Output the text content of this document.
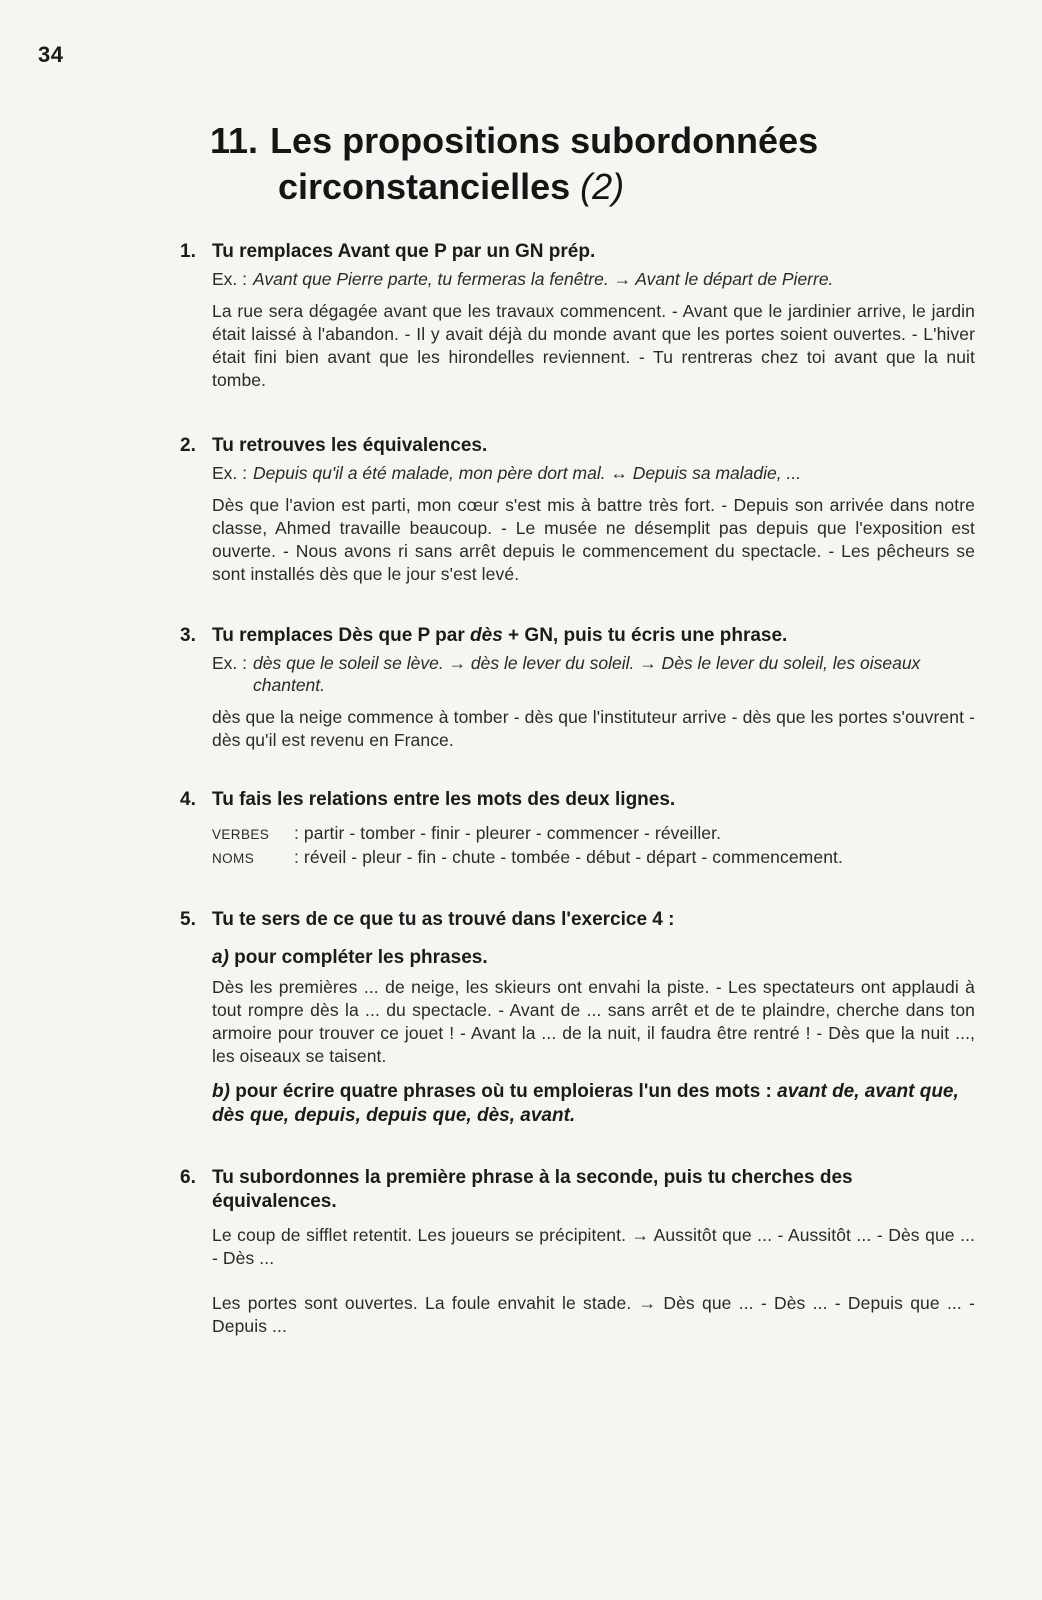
34
11. Les propositions subordonnées
circonstancielles (2)
1. Tu remplaces Avant que P par un GN prép.
Ex. : Avant que Pierre parte, tu fermeras la fenêtre. → Avant le départ de Pierre.
La rue sera dégagée avant que les travaux commencent. - Avant que le jardinier arrive, le jardin était laissé à l'abandon. - Il y avait déjà du monde avant que les portes soient ouvertes. - L'hiver était fini bien avant que les hirondelles reviennent. - Tu rentreras chez toi avant que la nuit tombe.
2. Tu retrouves les équivalences.
Ex. : Depuis qu'il a été malade, mon père dort mal. ↔ Depuis sa maladie, ...
Dès que l'avion est parti, mon cœur s'est mis à battre très fort. - Depuis son arrivée dans notre classe, Ahmed travaille beaucoup. - Le musée ne désemplit pas depuis que l'exposition est ouverte. - Nous avons ri sans arrêt depuis le commencement du spectacle. - Les pêcheurs se sont installés dès que le jour s'est levé.
3. Tu remplaces Dès que P par dès + GN, puis tu écris une phrase.
Ex. : dès que le soleil se lève. → dès le lever du soleil. → Dès le lever du soleil, les oiseaux chantent.
dès que la neige commence à tomber - dès que l'instituteur arrive - dès que les portes s'ouvrent - dès qu'il est revenu en France.
4. Tu fais les relations entre les mots des deux lignes.
VERBES : partir - tomber - finir - pleurer - commencer - réveiller.
NOMS : réveil - pleur - fin - chute - tombée - début - départ - commencement.
5. Tu te sers de ce que tu as trouvé dans l'exercice 4 :
a) pour compléter les phrases.
Dès les premières ... de neige, les skieurs ont envahi la piste. - Les spectateurs ont applaudi à tout rompre dès la ... du spectacle. - Avant de ... sans arrêt et de te plaindre, cherche dans ton armoire pour trouver ce jouet ! - Avant la ... de la nuit, il faudra être rentré ! - Dès que la nuit ..., les oiseaux se taisent.
b) pour écrire quatre phrases où tu emploieras l'un des mots : avant de, avant que, dès que, depuis, depuis que, dès, avant.
6. Tu subordonnes la première phrase à la seconde, puis tu cherches des équivalences.
Le coup de sifflet retentit. Les joueurs se précipitent. → Aussitôt que ... - Aussitôt ... - Dès que ... - Dès ...
Les portes sont ouvertes. La foule envahit le stade. → Dès que ... - Dès ... - Depuis que ... - Depuis ...
